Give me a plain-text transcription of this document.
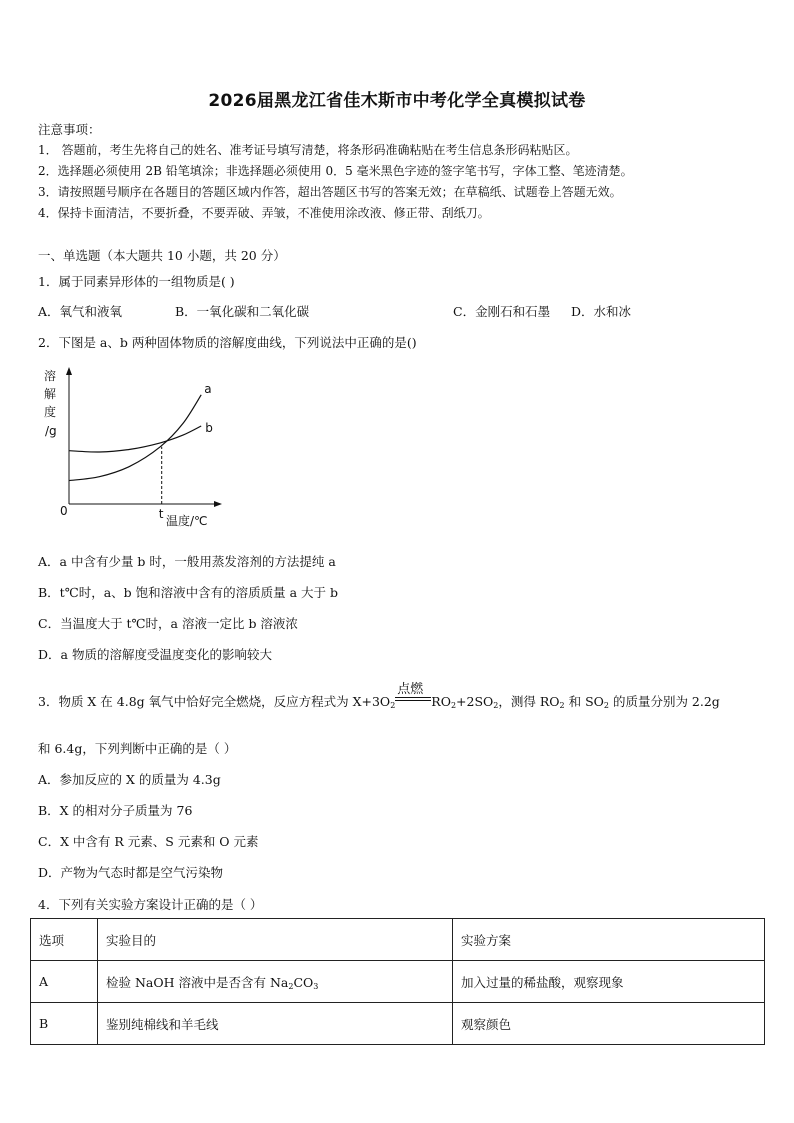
2026届黑龙江省佳木斯市中考化学全真模拟试卷
注意事项：
1． 答题前，考生先将自己的姓名、准考证号填写清楚，将条形码准确粘贴在考生信息条形码粘贴区。
2．选择题必须使用 2B 铅笔填涂；非选择题必须使用 0．5 毫米黑色字迹的签字笔书写，字体工整、笔迹清楚。
3．请按照题号顺序在各题目的答题区域内作答，超出答题区书写的答案无效；在草稿纸、试题卷上答题无效。
4．保持卡面清洁，不要折叠，不要弄破、弄皱，不准使用涂改液、修正带、刮纸刀。
一、单选题（本大题共 10 小题，共 20 分）
1．属于同素异形体的一组物质是( )
A．氧气和液氧	B．一氧化碳和二氧化碳	C．金刚石和石墨 D．水和冰
2．下图是 a、b 两种固体物质的溶解度曲线，下列说法中正确的是()
溶
解
度
/g
0	t 温度/℃
a
b
A．a 中含有少量 b 时，一般用蒸发溶剂的方法提纯 a
B．t℃时，a、b 饱和溶液中含有的溶质质量 a 大于 b
C．当温度大于 t℃时，a 溶液一定比 b 溶液浓
D．a 物质的溶解度受温度变化的影响较大
3．物质 X 在 4.8g 氧气中恰好完全燃烧，反应方程式为 $X+3O_2$
点燃
$RO_2+2SO_2$，测得 $RO_2$ 和 $SO_2$ 的质量分别为 2.2g
和 6.4g，下列判断中正确的是（ ）
A．参加反应的 X 的质量为 4.3g
B．X 的相对分子质量为 76
C．X 中含有 R 元素、S 元素和 O 元素
D．产物为气态时都是空气污染物
4．下列有关实验方案设计正确的是（ ）
选项	实验目的	实验方案
A	检验 NaOH 溶液中是否含有 $Na_2CO_3$	加入过量的稀盐酸，观察现象
B	鉴别纯棉线和羊毛线	观察颜色
